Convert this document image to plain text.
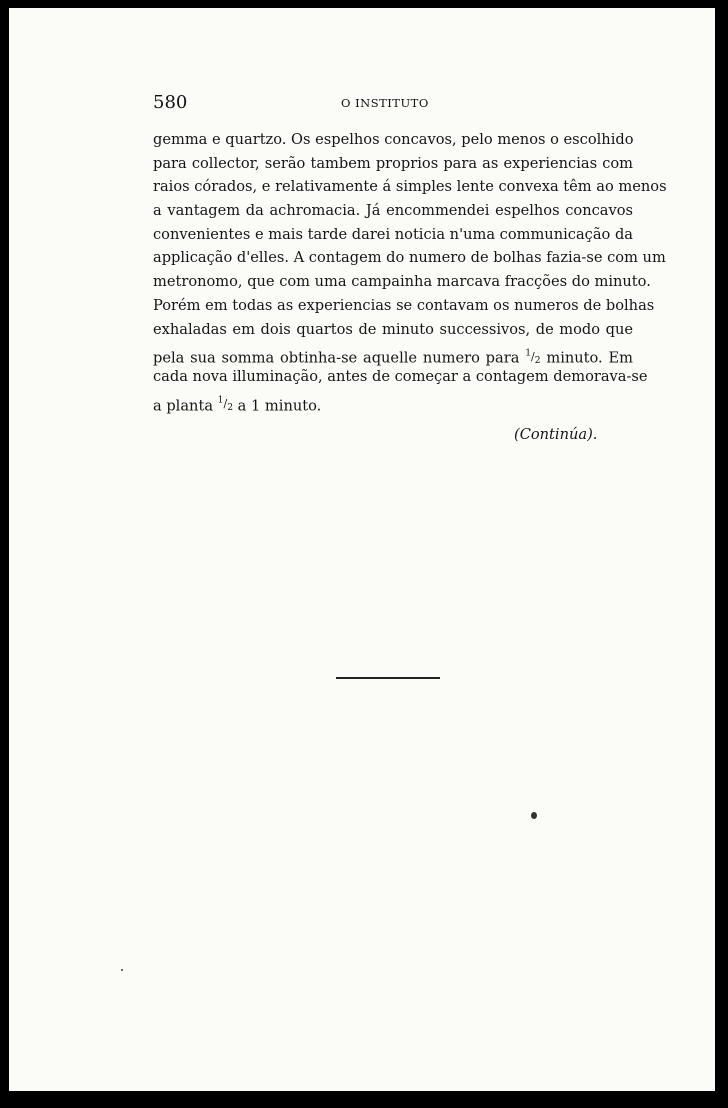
580	O INSTITUTO
gemma e quartzo. Os espelhos concavos, pelo menos o escolhido
para collector, serão tambem proprios para as experiencias com
raios córados, e relativamente á simples lente convexa têm ao menos
a vantagem da achromacia. Já encommendei espelhos concavos
convenientes e mais tarde darei noticia n'uma communicação da
applicação d'elles. A contagem do numero de bolhas fazia-se com um
metronomo, que com uma campainha marcava fracções do minuto.
Porém em todas as experiencias se contavam os numeros de bolhas
exhaladas em dois quartos de minuto successivos, de modo que
pela sua somma obtinha-se aquelle numero para $^{^1/_2}$ minuto. Em
cada nova illuminação, antes de começar a contagem demorava-se
a planta $^{^1/_2}$ a 1 minuto.
(Continúa).
